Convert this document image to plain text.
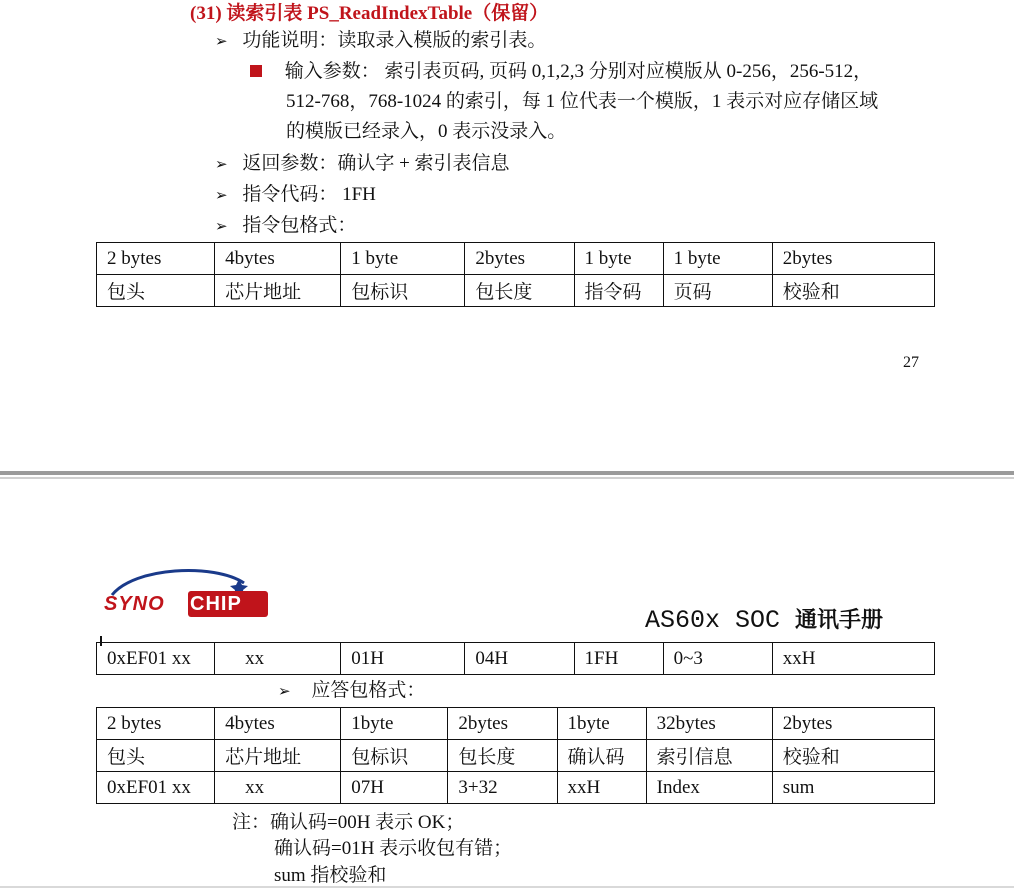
(31) 读索引表 PS_ReadIndexTable（保留）
➢ 功能说明：读取录入模版的索引表。
输入参数： 索引表页码, 页码 0,1,2,3 分别对应模版从 0-256，256-512，
512-768，768-1024 的索引，每 1 位代表一个模版，1 表示对应存储区域
的模版已经录入，0 表示没录入。
➢ 返回参数：确认字 + 索引表信息
➢ 指令代码： 1FH
➢ 指令包格式：
2 bytes	4bytes	1 byte	2bytes	1 byte	1 byte	2bytes
包头	芯片地址	包标识	包长度	指令码	页码	校验和
27
SYNO CHIP
AS60x SOC 通讯手册
0xEF01 xx	xx	01H	04H	1FH	0~3	xxH
➢ 应答包格式：
2 bytes	4bytes	1byte	2bytes	1byte	32bytes	2bytes
包头	芯片地址	包标识	包长度	确认码	索引信息	校验和
0xEF01 xx	xx	07H	3+32	xxH	Index	sum
注：确认码=00H 表示 OK；
确认码=01H 表示收包有错；
sum 指校验和
